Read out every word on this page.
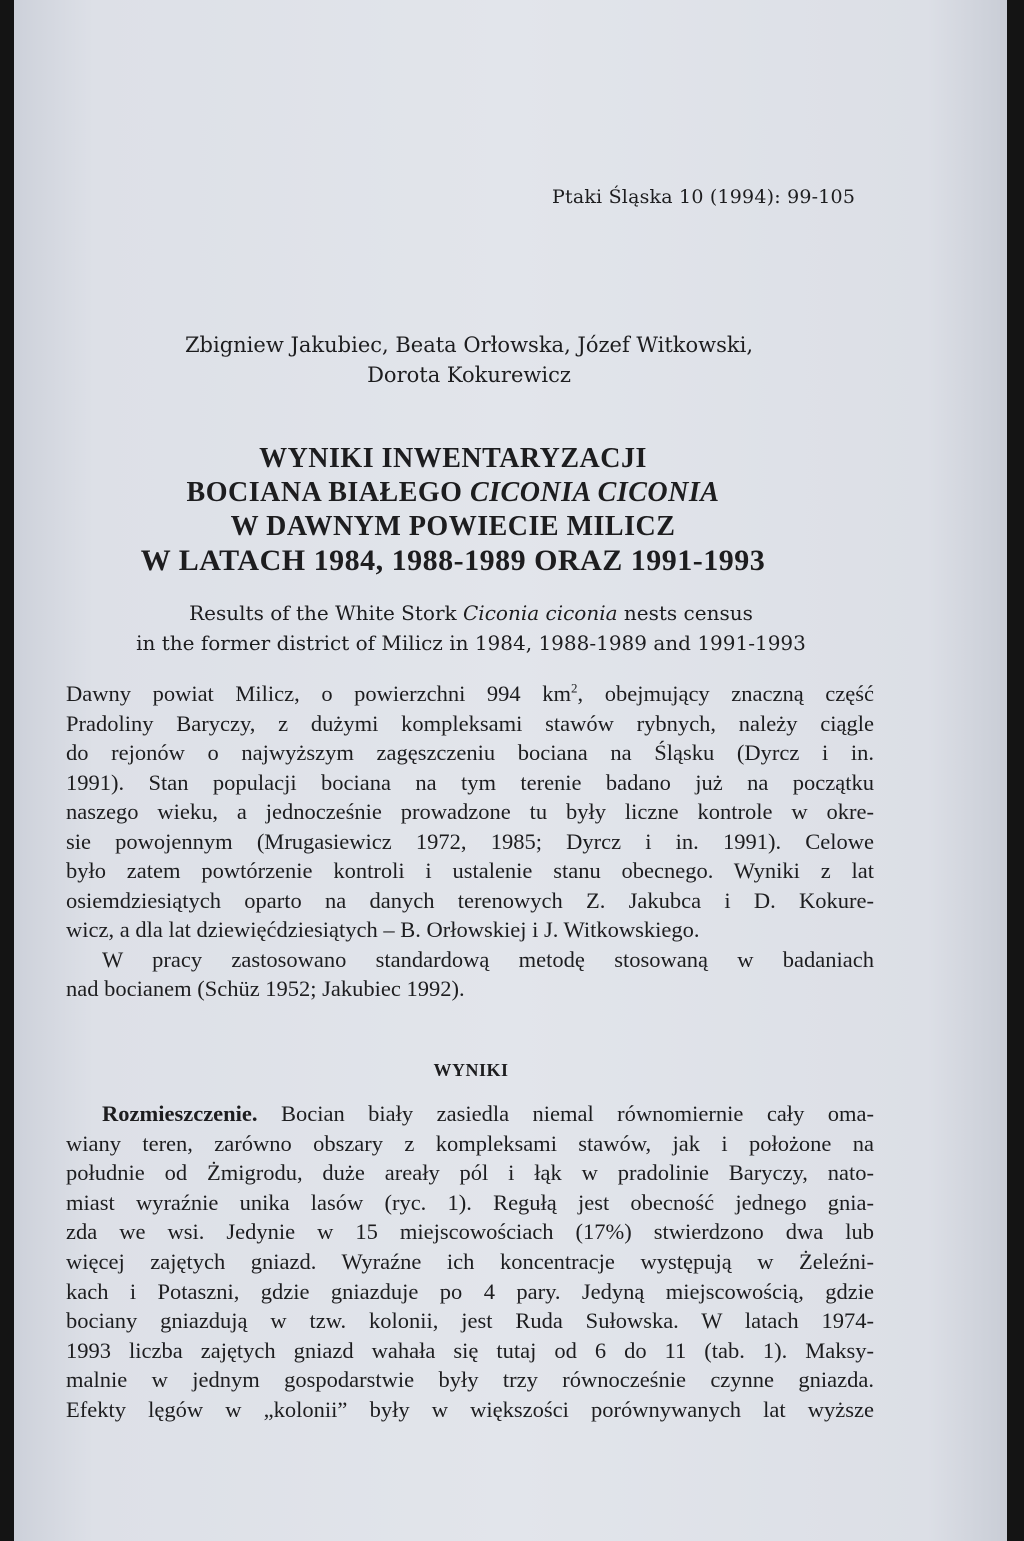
Ptaki Śląska 10 (1994): 99-105
Zbigniew Jakubiec, Beata Orłowska, Józef Witkowski,
Dorota Kokurewicz
WYNIKI INWENTARYZACJI
BOCIANA BIAŁEGO CICONIA CICONIA
W DAWNYM POWIECIE MILICZ
W LATACH 1984, 1988-1989 ORAZ 1991-1993
Results of the White Stork Ciconia ciconia nests census
in the former district of Milicz in 1984, 1988-1989 and 1991-1993
Dawny powiat Milicz, o powierzchni 994 $km^2$, obejmujący znaczną część
Pradoliny Baryczy, z dużymi kompleksami stawów rybnych, należy ciągle
do rejonów o najwyższym zagęszczeniu bociana na Śląsku (Dyrcz i in.
1991). Stan populacji bociana na tym terenie badano już na początku
naszego wieku, a jednocześnie prowadzone tu były liczne kontrole w okre-
sie powojennym (Mrugasiewicz 1972, 1985; Dyrcz i in. 1991). Celowe
było zatem powtórzenie kontroli i ustalenie stanu obecnego. Wyniki z lat
osiemdziesiątych oparto na danych terenowych Z. Jakubca i D. Kokure-
wicz, a dla lat dziewięćdziesiątych – B. Orłowskiej i J. Witkowskiego.
W pracy zastosowano standardową metodę stosowaną w badaniach
nad bocianem (Schüz 1952; Jakubiec 1992).
WYNIKI
Rozmieszczenie. Bocian biały zasiedla niemal równomiernie cały oma-
wiany teren, zarówno obszary z kompleksami stawów, jak i położone na
południe od Żmigrodu, duże areały pól i łąk w pradolinie Baryczy, nato-
miast wyraźnie unika lasów (ryc. 1). Regułą jest obecność jednego gnia-
zda we wsi. Jedynie w 15 miejscowościach (17%) stwierdzono dwa lub
więcej zajętych gniazd. Wyraźne ich koncentracje występują w Żeleźni-
kach i Potaszni, gdzie gniazduje po 4 pary. Jedyną miejscowością, gdzie
bociany gniazdują w tzw. kolonii, jest Ruda Sułowska. W latach 1974-
1993 liczba zajętych gniazd wahała się tutaj od 6 do 11 (tab. 1). Maksy-
malnie w jednym gospodarstwie były trzy równocześnie czynne gniazda.
Efekty lęgów w „kolonii” były w większości porównywanych lat wyższe
